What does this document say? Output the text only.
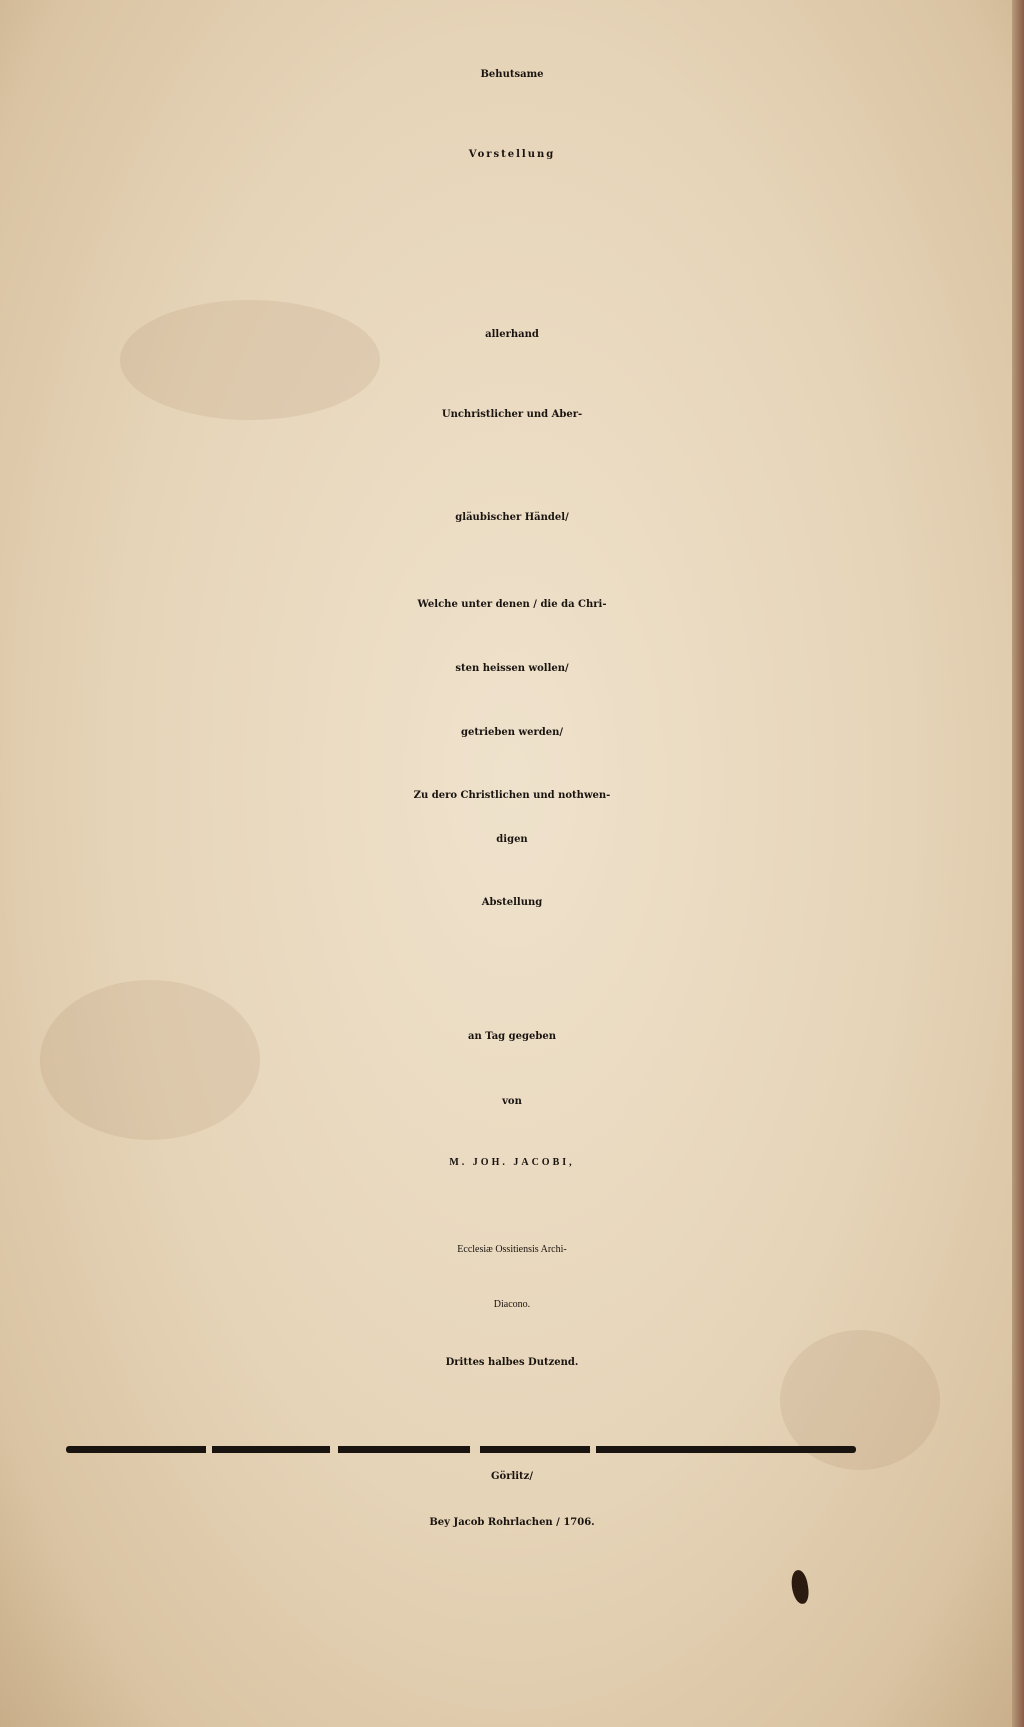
Behutsame
Vorstellung
allerhand
Unchristlicher und Aber-
gläubischer Händel/
Welche unter denen / die da Chri-
sten heissen wollen/
getrieben werden/
Zu dero Christlichen und nothwen-
digen
Abstellung
an Tag gegeben
von
M. JOH. JACOBI,
Ecclesiæ Ossitiensis Archi-
Diacono.
Drittes halbes Dutzend.
Görlitz/
Bey Jacob Rohrlachen / 1706.
